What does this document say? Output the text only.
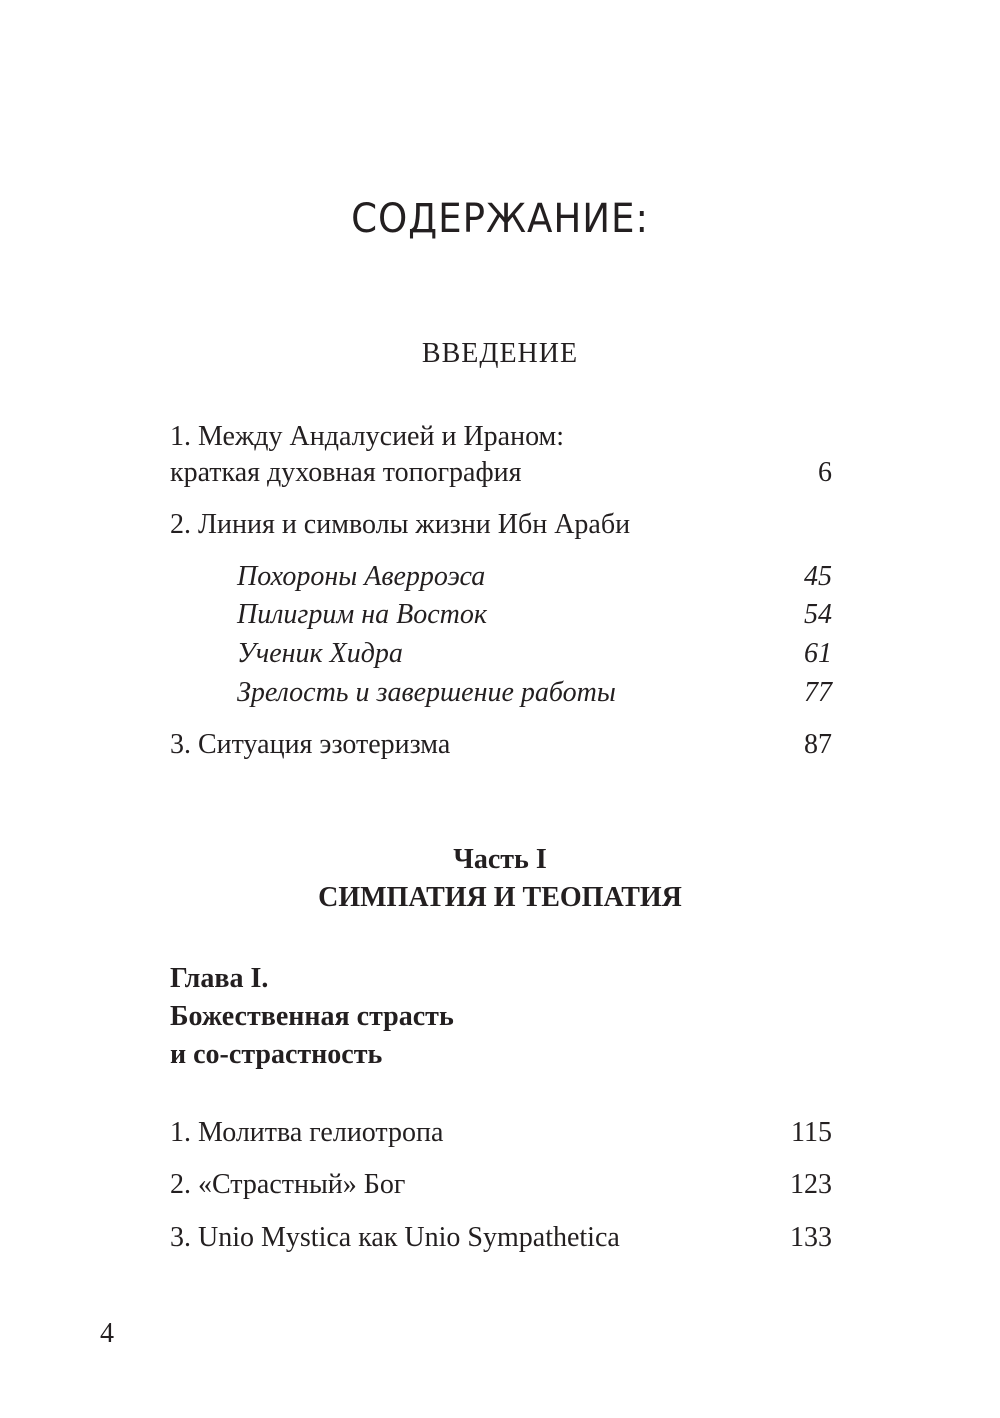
СОДЕРЖАНИЕ:
ВВЕДЕНИЕ
1. Между Андалусией и Ираном:
краткая духовная топография	6
2. Линия и символы жизни Ибн Араби
Похороны Аверроэса	45
Пилигрим на Восток	54
Ученик Хидра	61
Зрелость и завершение работы	77
3. Ситуация эзотеризма	87
Часть I
СИМПАТИЯ И ТЕОПАТИЯ
Глава I.
Божественная страсть
и со-страстность
1. Молитва гелиотропа	115
2. «Страстный» Бог	123
3. Unio Mystica как Unio Sympathetica	133
4
